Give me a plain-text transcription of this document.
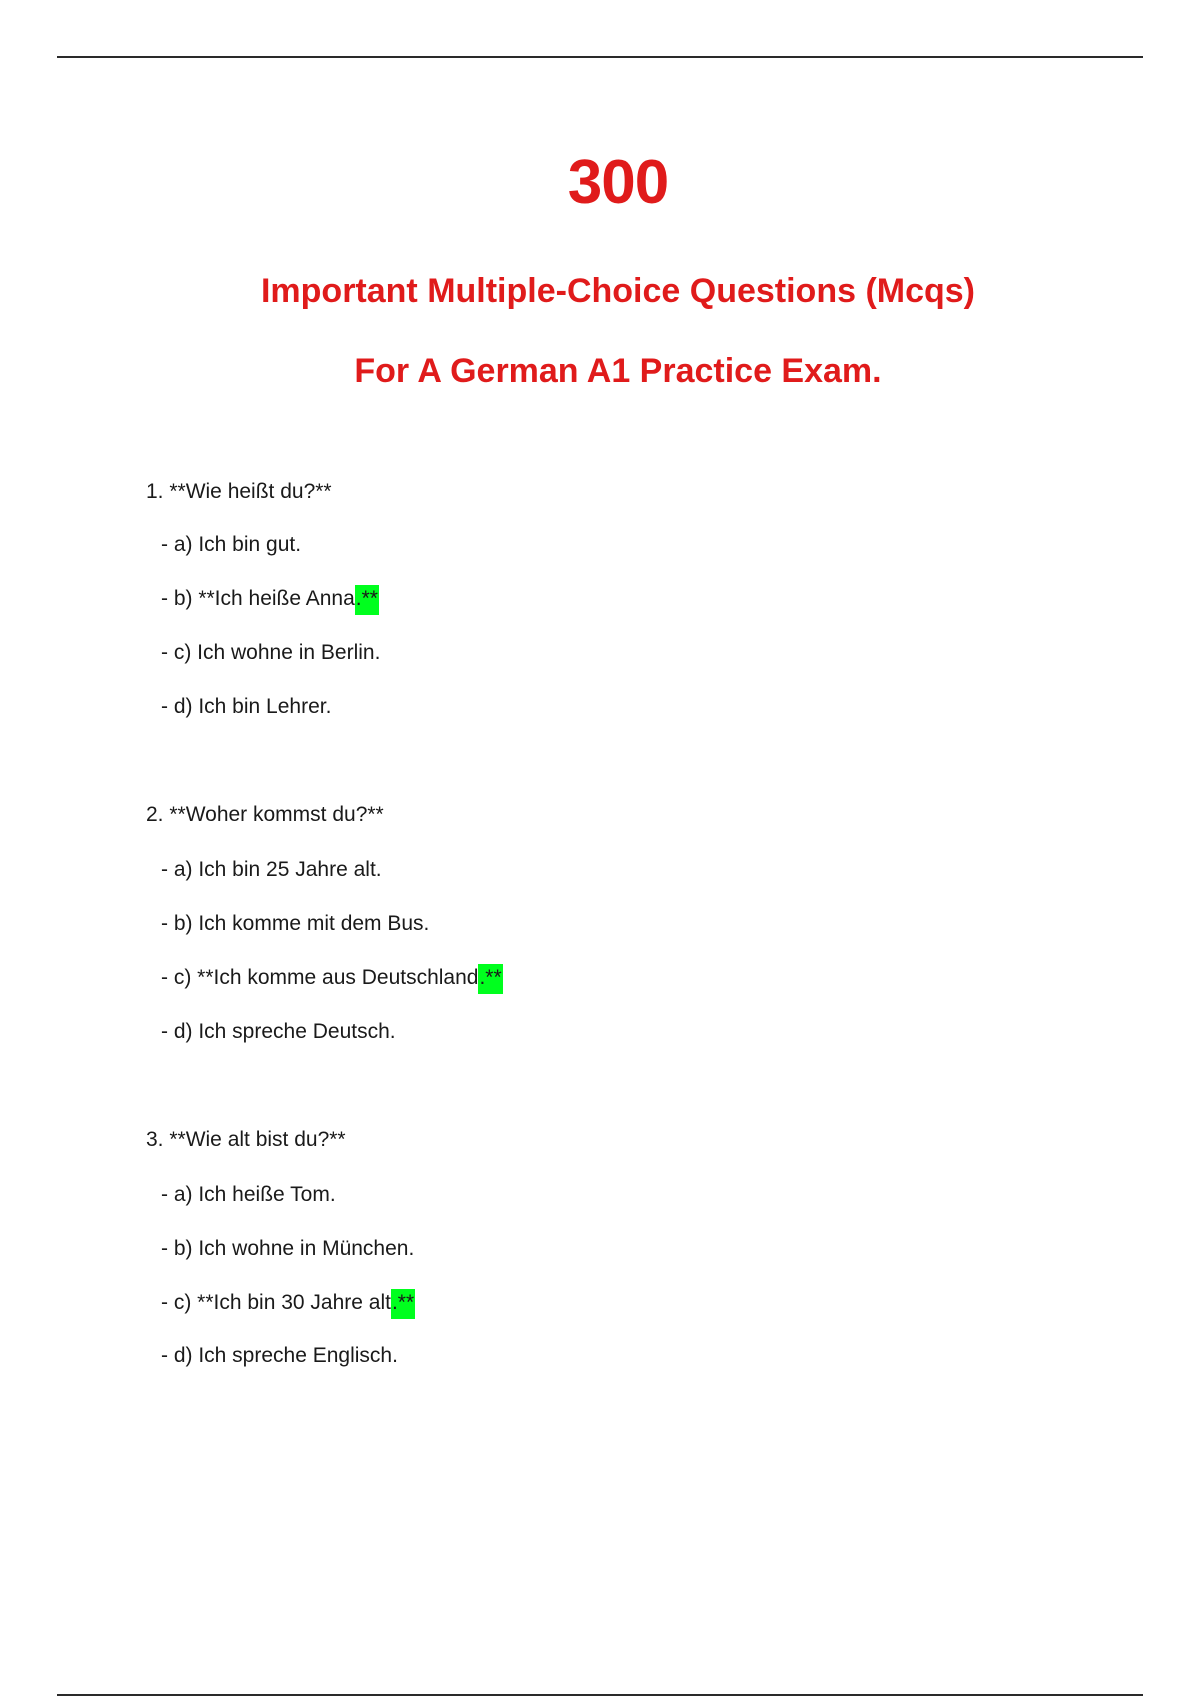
300
Important Multiple-Choice Questions (Mcqs)
For A German A1 Practice Exam.
1. **Wie heißt du?**
- a) Ich bin gut.
- b) **Ich heiße Anna.**
- c) Ich wohne in Berlin.
- d) Ich bin Lehrer.
2. **Woher kommst du?**
- a) Ich bin 25 Jahre alt.
- b) Ich komme mit dem Bus.
- c) **Ich komme aus Deutschland.**
- d) Ich spreche Deutsch.
3. **Wie alt bist du?**
- a) Ich heiße Tom.
- b) Ich wohne in München.
- c) **Ich bin 30 Jahre alt.**
- d) Ich spreche Englisch.
